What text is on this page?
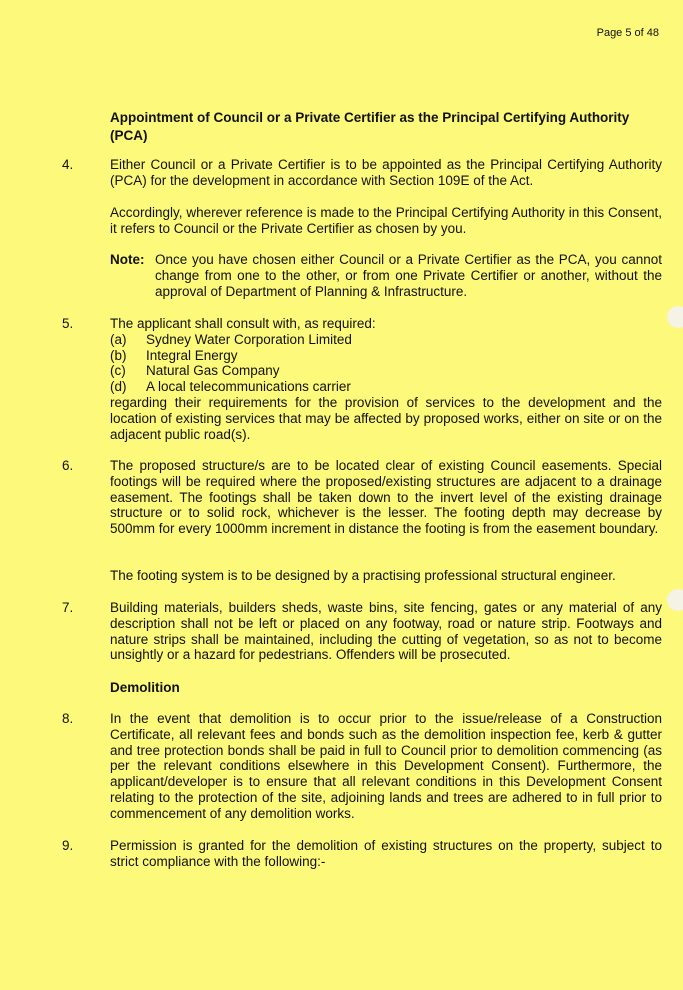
Page 5 of 48
Appointment of Council or a Private Certifier as the Principal Certifying Authority (PCA)
4.	Either Council or a Private Certifier is to be appointed as the Principal Certifying Authority (PCA) for the development in accordance with Section 109E of the Act.
Accordingly, wherever reference is made to the Principal Certifying Authority in this Consent, it refers to Council or the Private Certifier as chosen by you.
Note: Once you have chosen either Council or a Private Certifier as the PCA, you cannot change from one to the other, or from one Private Certifier or another, without the approval of Department of Planning & Infrastructure.
5.	The applicant shall consult with, as required:
(a) Sydney Water Corporation Limited
(b) Integral Energy
(c) Natural Gas Company
(d) A local telecommunications carrier
regarding their requirements for the provision of services to the development and the location of existing services that may be affected by proposed works, either on site or on the adjacent public road(s).
6.	The proposed structure/s are to be located clear of existing Council easements. Special footings will be required where the proposed/existing structures are adjacent to a drainage easement. The footings shall be taken down to the invert level of the existing drainage structure or to solid rock, whichever is the lesser. The footing depth may decrease by 500mm for every 1000mm increment in distance the footing is from the easement boundary.
The footing system is to be designed by a practising professional structural engineer.
7.	Building materials, builders sheds, waste bins, site fencing, gates or any material of any description shall not be left or placed on any footway, road or nature strip. Footways and nature strips shall be maintained, including the cutting of vegetation, so as not to become unsightly or a hazard for pedestrians. Offenders will be prosecuted.
Demolition
8.	In the event that demolition is to occur prior to the issue/release of a Construction Certificate, all relevant fees and bonds such as the demolition inspection fee, kerb & gutter and tree protection bonds shall be paid in full to Council prior to demolition commencing (as per the relevant conditions elsewhere in this Development Consent). Furthermore, the applicant/developer is to ensure that all relevant conditions in this Development Consent relating to the protection of the site, adjoining lands and trees are adhered to in full prior to commencement of any demolition works.
9.	Permission is granted for the demolition of existing structures on the property, subject to strict compliance with the following:-
